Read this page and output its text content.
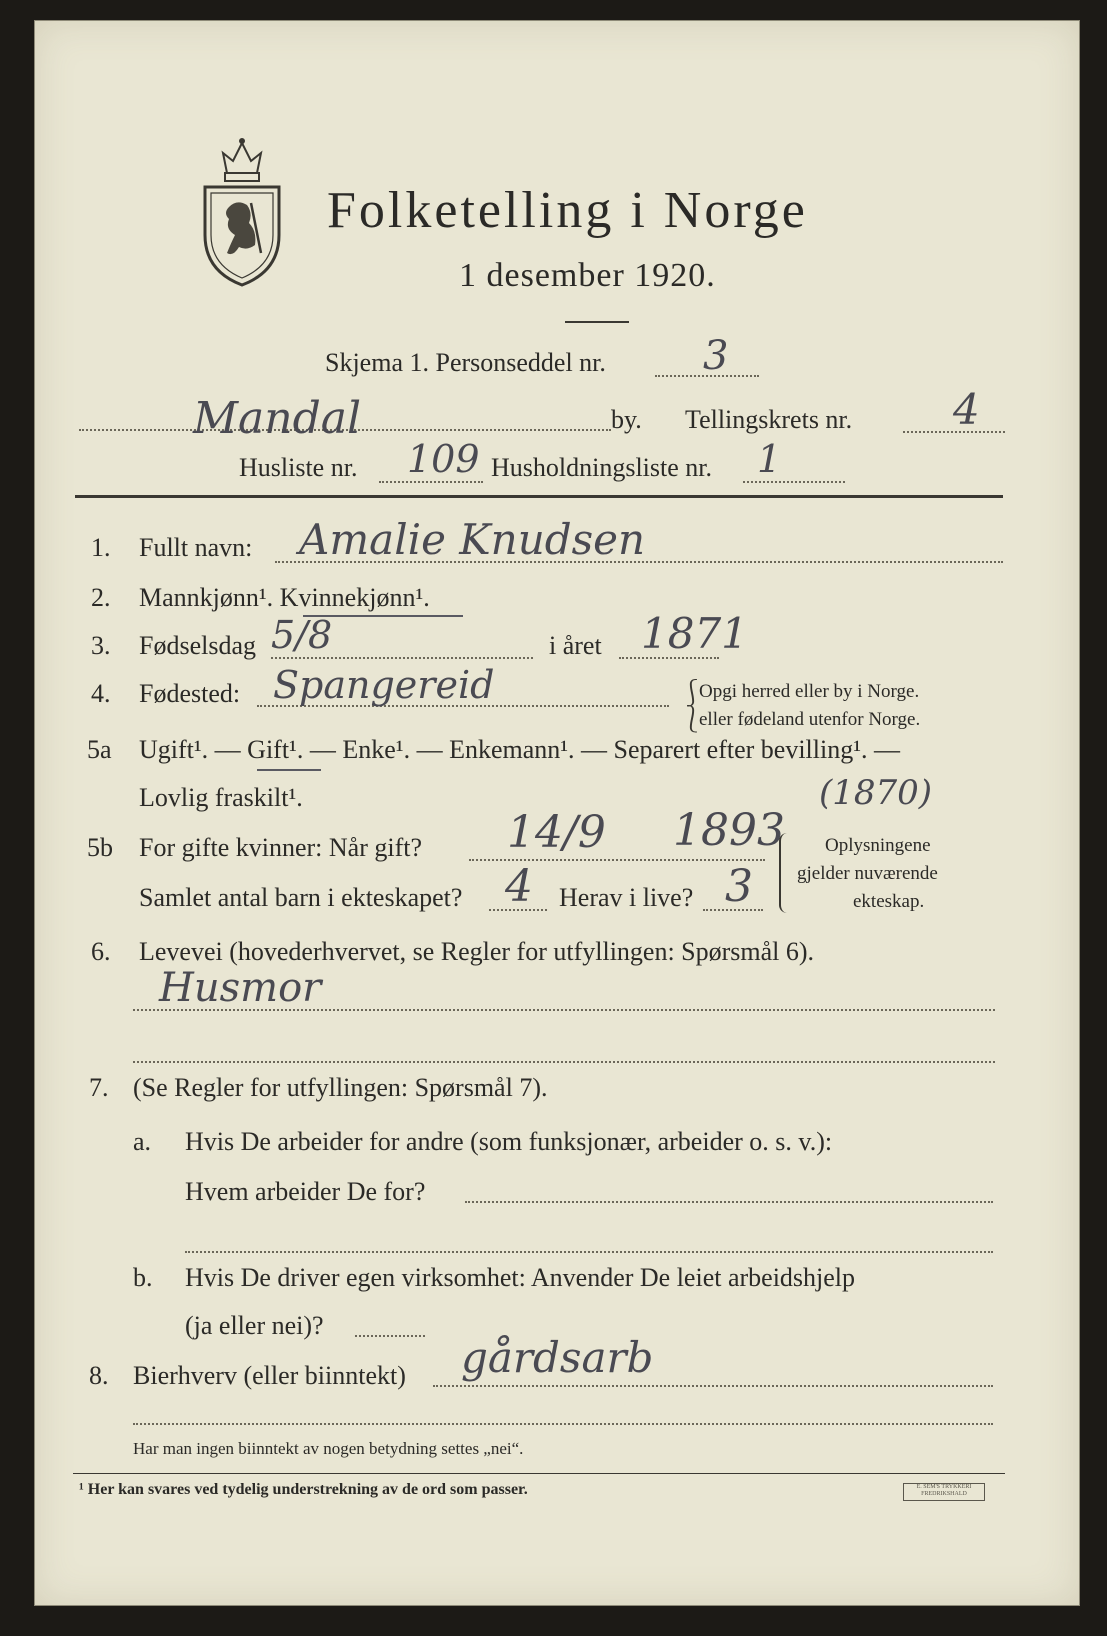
Folketelling i Norge
1 desember 1920.
Skjema 1. Personseddel nr. 3
Mandal	by. Tellingskrets nr. 4
Husliste nr. 109 Husholdningsliste nr. 1
1. Fullt navn: Amalie Knudsen
2. Mannkjønn¹. Kvinnekjønn¹.
3. Fødselsdag 5/8	i året 1871
4. Fødested: Spangereid	⎰
⎱
Opgi herred eller by i Norge.
eller fødeland utenfor Norge.
5a Ugift¹. — Gift¹. — Enke¹. — Enkemann¹. — Separert efter bevilling¹. —
Lovlig fraskilt¹.	(1870)
5b For gifte kvinner: Når gift? 14/9 1893
Samlet antal barn i ekteskapet? 4 Herav i live? 3
Oplysningene
gjelder nuværende
ekteskap.
6. Levevei (hovederhvervet, se Regler for utfyllingen: Spørsmål 6).
Husmor
7. (Se Regler for utfyllingen: Spørsmål 7).
a. Hvis De arbeider for andre (som funksjonær, arbeider o. s. v.):
Hvem arbeider De for?
b. Hvis De driver egen virksomhet: Anvender De leiet arbeidshjelp
(ja eller nei)?
8. Bierhverv (eller biinntekt) gårdsarb
Har man ingen biinntekt av nogen betydning settes „nei“.
¹ Her kan svares ved tydelig understrekning av de ord som passer.	E. SEM'S TRYKKERI FREDRIKSHALD
